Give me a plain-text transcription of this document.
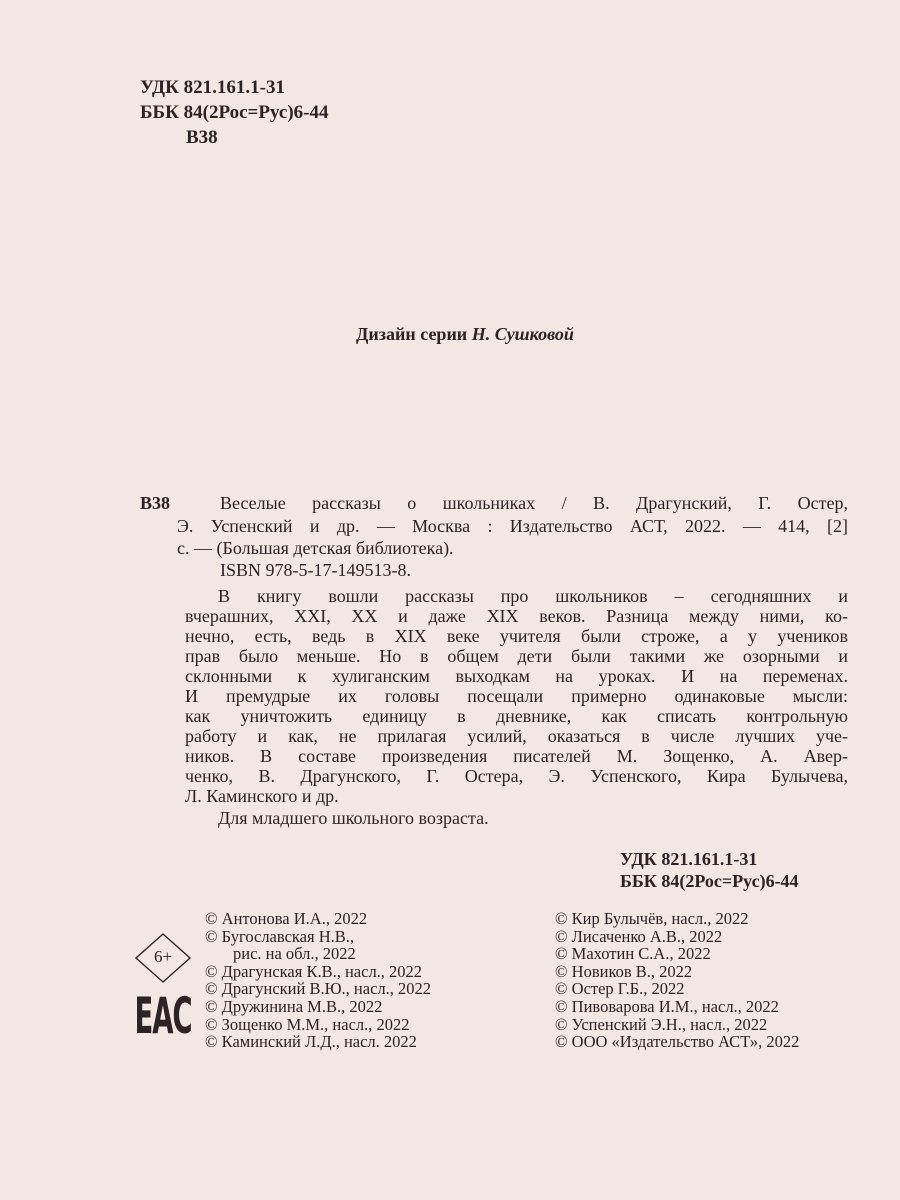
УДК 821.161.1-31
ББК 84(2Рос=Рус)6-44
В38
Дизайн серии Н. Сушковой
В38	Веселые рассказы о школьниках / В. Драгунский, Г. Остер,
Э. Успенский и др. — Москва : Издательство АСТ, 2022. — 414, [2]
с. — (Большая детская библиотека).
ISBN 978-5-17-149513-8.
В книгу вошли рассказы про школьников – сегодняшних и
вчерашних, XXI, XX и даже XIX веков. Разница между ними, ко-
нечно, есть, ведь в XIX веке учителя были строже, а у учеников
прав было меньше. Но в общем дети были такими же озорными и
склонными к хулиганским выходкам на уроках. И на переменах.
И премудрые их головы посещали примерно одинаковые мысли:
как уничтожить единицу в дневнике, как списать контрольную
работу и как, не прилагая усилий, оказаться в числе лучших уче-
ников. В составе произведения писателей М. Зощенко, А. Авер-
ченко, В. Драгунского, Г. Остера, Э. Успенского, Кира Булычева,
Л. Каминского и др.
Для младшего школьного возраста.
УДК 821.161.1-31
ББК 84(2Рос=Рус)6-44
6+
ЕАС
© Антонова И.А., 2022
© Бугославская Н.В.,
рис. на обл., 2022
© Драгунская К.В., насл., 2022
© Драгунский В.Ю., насл., 2022
© Дружинина М.В., 2022
© Зощенко М.М., насл., 2022
© Каминский Л.Д., насл. 2022
© Кир Булычёв, насл., 2022
© Лисаченко А.В., 2022
© Махотин С.А., 2022
© Новиков В., 2022
© Остер Г.Б., 2022
© Пивоварова И.М., насл., 2022
© Успенский Э.Н., насл., 2022
© ООО «Издательство АСТ», 2022
